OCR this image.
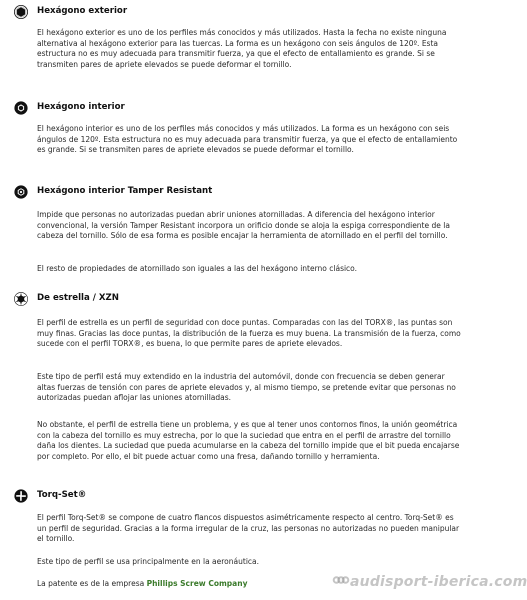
Hexágono exterior

El hexágono exterior es uno de los perfiles más conocidos y más utilizados. Hasta la fecha no existe ninguna alternativa al hexágono exterior para las tuercas. La forma es un hexágono con seis ángulos de 120º. Esta estructura no es muy adecuada para transmitir fuerza, ya que el efecto de entallamiento es grande. Si se transmiten pares de apriete elevados se puede deformar el tornillo.

Hexágono interior

El hexágono interior es uno de los perfiles más conocidos y más utilizados. La forma es un hexágono con seis ángulos de 120º. Esta estructura no es muy adecuada para transmitir fuerza, ya que el efecto de entallamiento es grande. Si se transmiten pares de apriete elevados se puede deformar el tornillo.

Hexágono interior Tamper Resistant

Impide que personas no autorizadas puedan abrir uniones atornilladas. A diferencia del hexágono interior convencional, la versión Tamper Resistant incorpora un orificio donde se aloja la espiga correspondiente de la cabeza del tornillo. Sólo de esa forma es posible encajar la herramienta de atornillado en el perfil del tornillo.

El resto de propiedades de atornillado son iguales a las del hexágono interno clásico.

De estrella / XZN

El perfil de estrella es un perfil de seguridad con doce puntas. Comparadas con las del TORX®, las puntas son muy finas. Gracias las doce puntas, la distribución de la fuerza es muy buena. La transmisión de la fuerza, como sucede con el perfil TORX®, es buena, lo que permite pares de apriete elevados.

Este tipo de perfil está muy extendido en la industria del automóvil, donde con frecuencia se deben generar altas fuerzas de tensión con pares de apriete elevados y, al mismo tiempo, se pretende evitar que personas no autorizadas puedan aflojar las uniones atornilladas.

No obstante, el perfil de estrella tiene un problema, y es que al tener unos contornos finos, la unión geométrica con la cabeza del tornillo es muy estrecha, por lo que la suciedad que entra en el perfil de arrastre del tornillo daña los dientes. La suciedad que pueda acumularse en la cabeza del tornillo impide que el bit pueda encajarse por completo. Por ello, el bit puede actuar como una fresa, dañando tornillo y herramienta.

Torq-Set®

El perfil Torq-Set® se compone de cuatro flancos dispuestos asimétricamente respecto al centro. Torq-Set® es un perfil de seguridad. Gracias a la forma irregular de la cruz, las personas no autorizadas no pueden manipular el tornillo.

Este tipo de perfil se usa principalmente en la aeronáutica.

La patente es de la empresa Phillips Screw Company	audisport-iberica.com
